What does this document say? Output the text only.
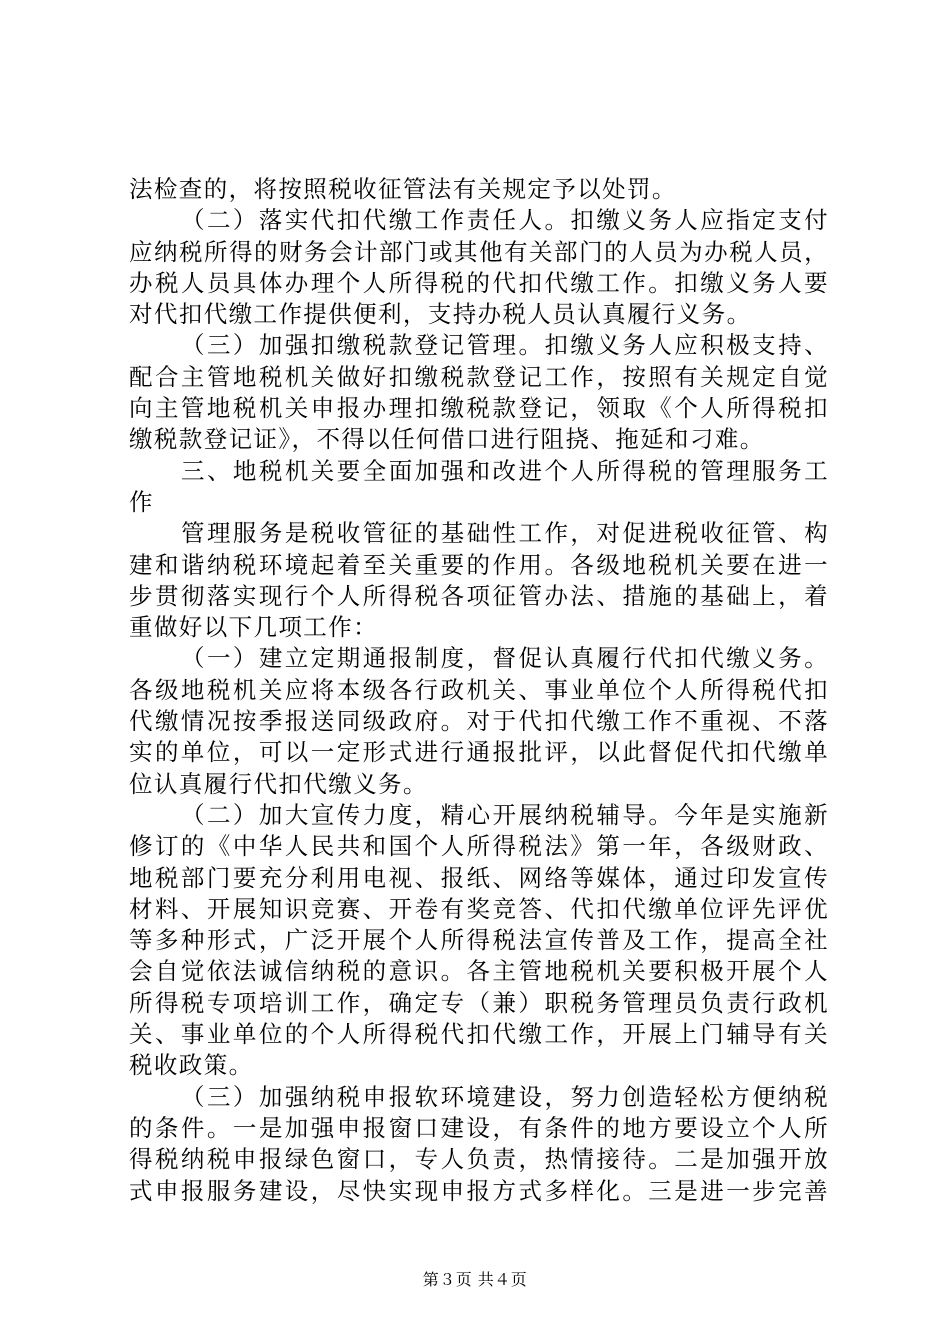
法检查的，将按照税收征管法有关规定予以处罚。
（二）落实代扣代缴工作责任人。扣缴义务人应指定支付
应纳税所得的财务会计部门或其他有关部门的人员为办税人员，
办税人员具体办理个人所得税的代扣代缴工作。扣缴义务人要
对代扣代缴工作提供便利，支持办税人员认真履行义务。
（三）加强扣缴税款登记管理。扣缴义务人应积极支持、
配合主管地税机关做好扣缴税款登记工作，按照有关规定自觉
向主管地税机关申报办理扣缴税款登记，领取《个人所得税扣
缴税款登记证》，不得以任何借口进行阻挠、拖延和刁难。
三、地税机关要全面加强和改进个人所得税的管理服务工
作
管理服务是税收管征的基础性工作，对促进税收征管、构
建和谐纳税环境起着至关重要的作用。各级地税机关要在进一
步贯彻落实现行个人所得税各项征管办法、措施的基础上，着
重做好以下几项工作：
（一）建立定期通报制度，督促认真履行代扣代缴义务。
各级地税机关应将本级各行政机关、事业单位个人所得税代扣
代缴情况按季报送同级政府。对于代扣代缴工作不重视、不落
实的单位，可以一定形式进行通报批评，以此督促代扣代缴单
位认真履行代扣代缴义务。
（二）加大宣传力度，精心开展纳税辅导。今年是实施新
修订的《中华人民共和国个人所得税法》第一年，各级财政、
地税部门要充分利用电视、报纸、网络等媒体，通过印发宣传
材料、开展知识竞赛、开卷有奖竞答、代扣代缴单位评先评优
等多种形式，广泛开展个人所得税法宣传普及工作，提高全社
会自觉依法诚信纳税的意识。各主管地税机关要积极开展个人
所得税专项培训工作，确定专（兼）职税务管理员负责行政机
关、事业单位的个人所得税代扣代缴工作，开展上门辅导有关
税收政策。
（三）加强纳税申报软环境建设，努力创造轻松方便纳税
的条件。一是加强申报窗口建设，有条件的地方要设立个人所
得税纳税申报绿色窗口，专人负责，热情接待。二是加强开放
式申报服务建设，尽快实现申报方式多样化。三是进一步完善
第３页 共４页
